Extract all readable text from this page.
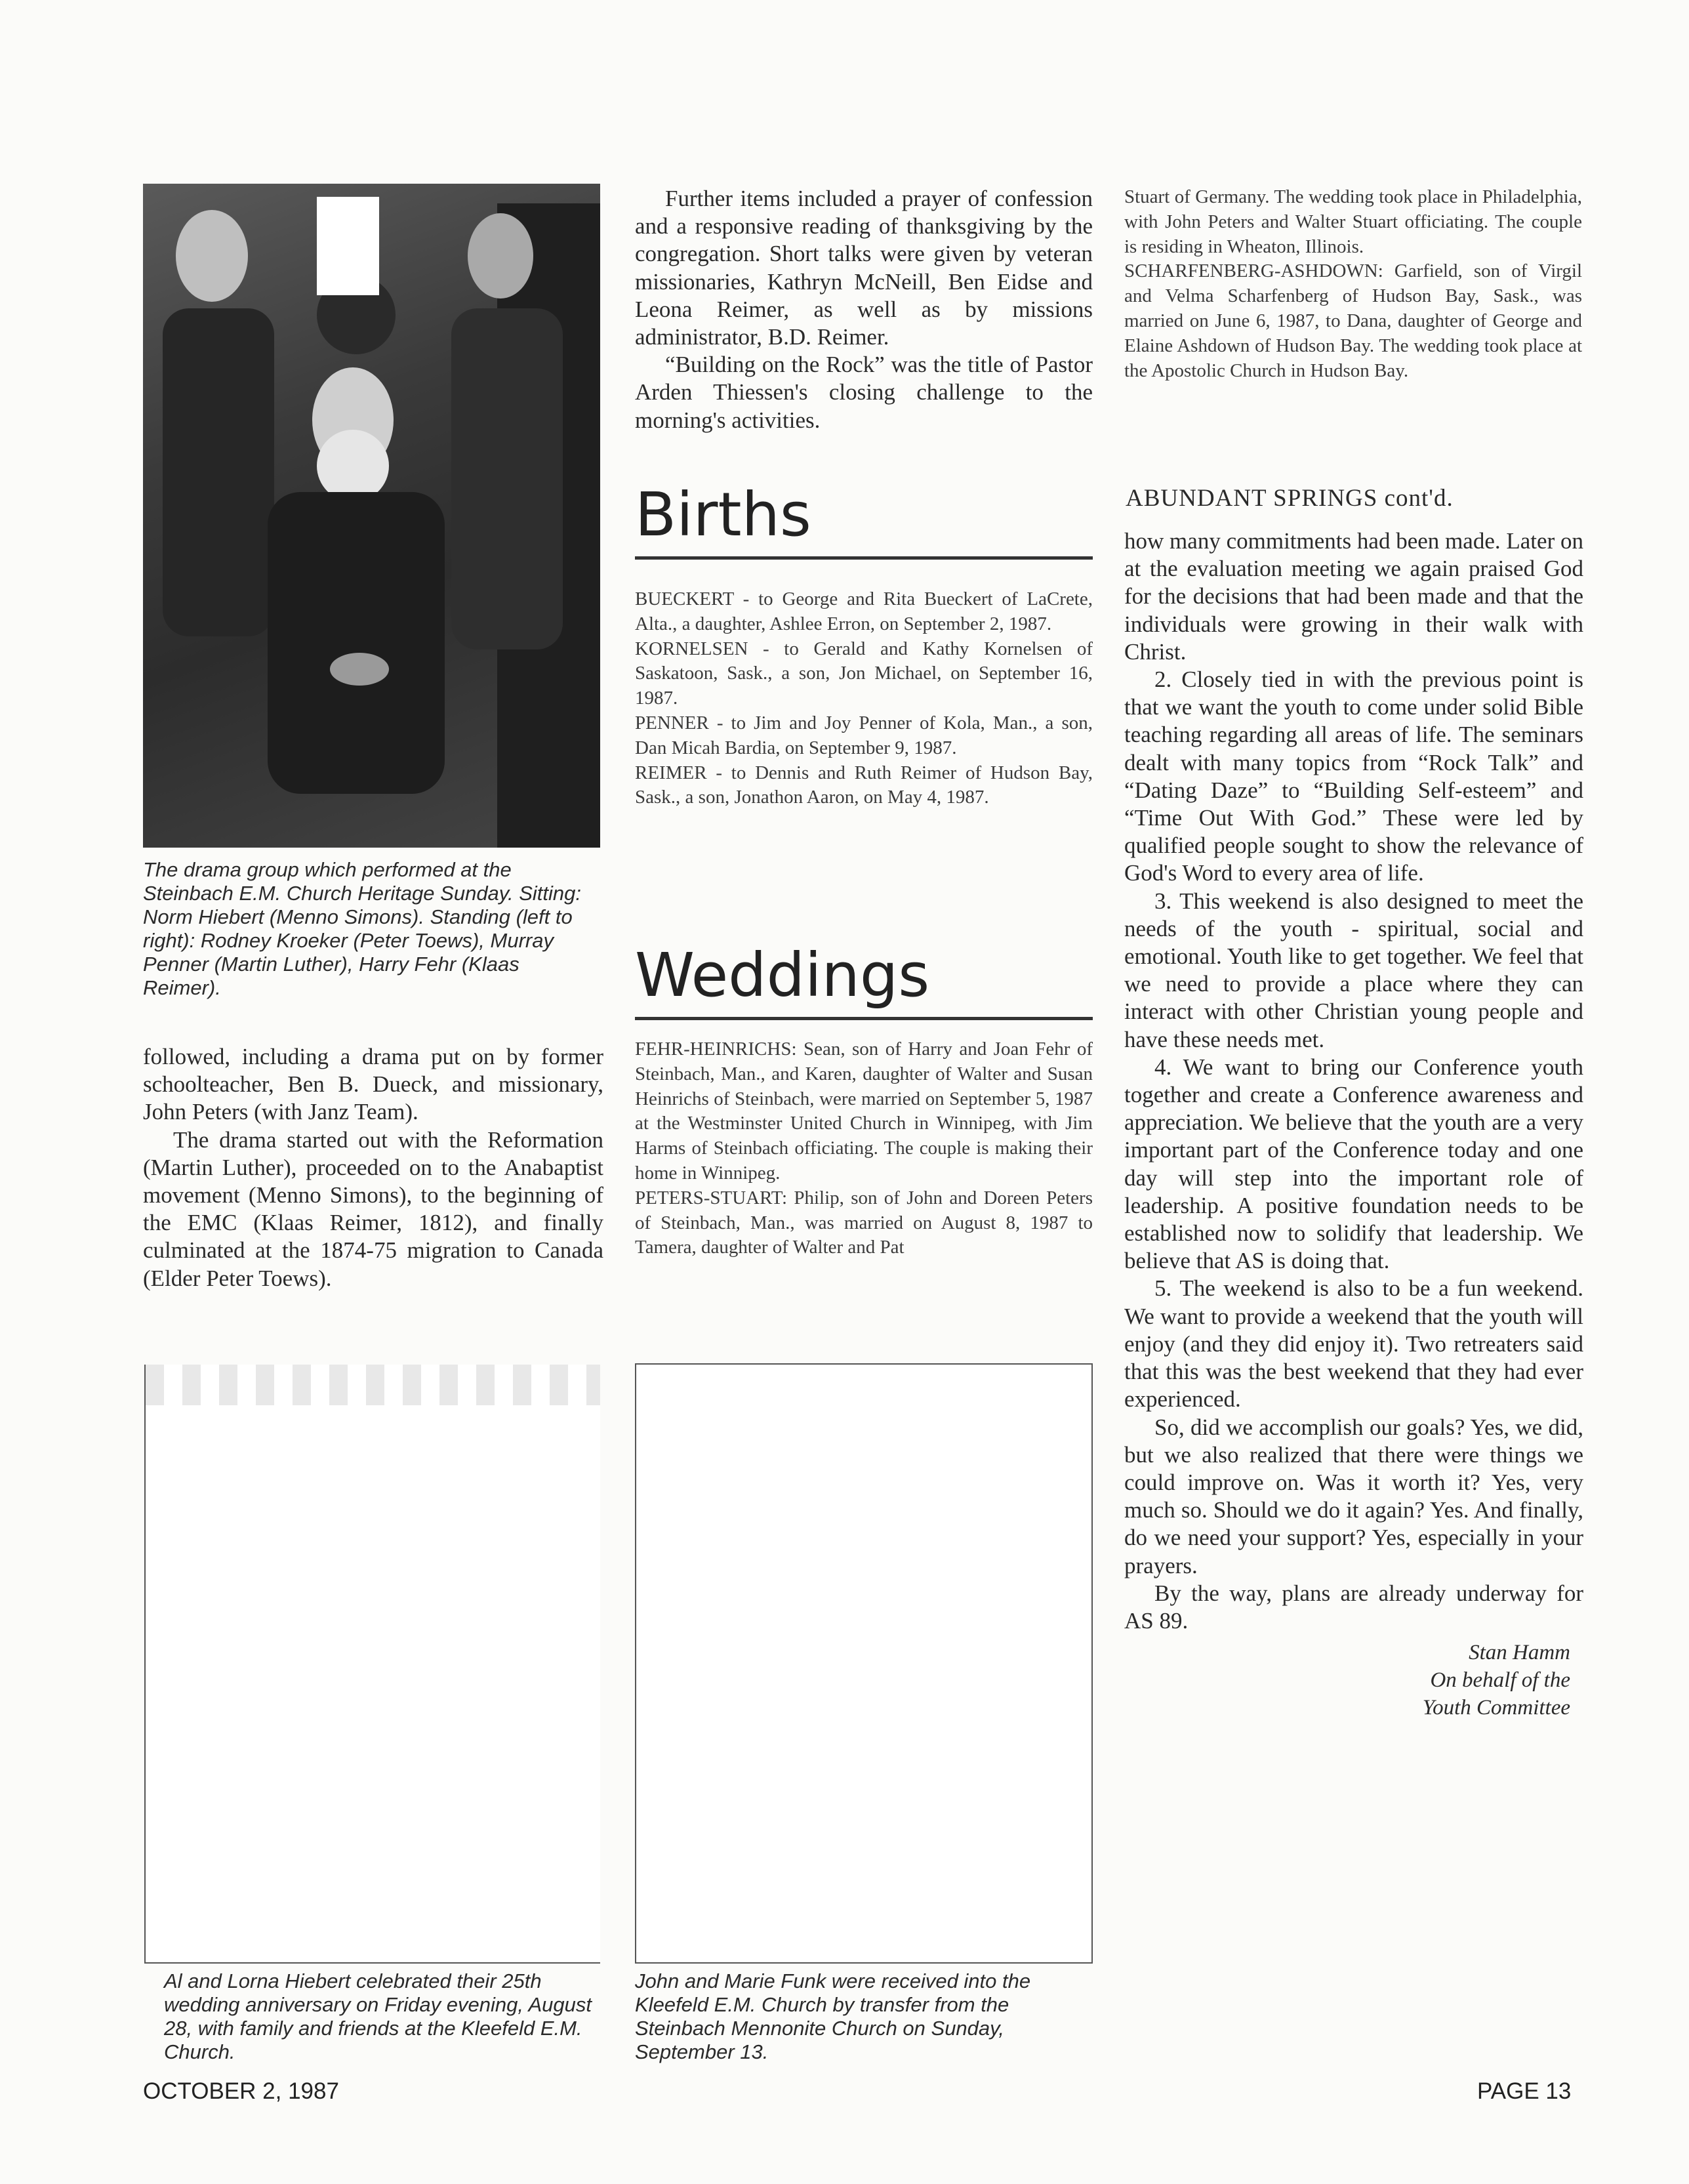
The drama group which performed at the Steinbach E.M. Church Heritage Sunday. Sitting: Norm Hiebert (Menno Simons). Standing (left to right): Rodney Kroeker (Peter Toews), Murray Penner (Martin Luther), Harry Fehr (Klaas Reimer).

followed, including a drama put on by former schoolteacher, Ben B. Dueck, and missionary, John Peters (with Janz Team).

The drama started out with the Reformation (Martin Luther), proceeded on to the Anabaptist movement (Menno Simons), to the beginning of the EMC (Klaas Reimer, 1812), and finally culminated at the 1874-75 migration to Canada (Elder Peter Toews).

Al and Lorna Hiebert celebrated their 25th wedding anniversary on Friday evening, August 28, with family and friends at the Kleefeld E.M. Church.
OCTOBER 2, 1987

Further items included a prayer of confession and a responsive reading of thanksgiving by the congregation. Short talks were given by veteran missionaries, Kathryn McNeill, Ben Eidse and Leona Reimer, as well as by missions administrator, B.D. Reimer.

“Building on the Rock” was the title of Pastor Arden Thiessen's closing challenge to the morning's activities.

Births

BUECKERT - to George and Rita Bueckert of LaCrete, Alta., a daughter, Ashlee Erron, on September 2, 1987.

KORNELSEN - to Gerald and Kathy Kornelsen of Saskatoon, Sask., a son, Jon Michael, on September 16, 1987.

PENNER - to Jim and Joy Penner of Kola, Man., a son, Dan Micah Bardia, on September 9, 1987.

REIMER - to Dennis and Ruth Reimer of Hudson Bay, Sask., a son, Jonathon Aaron, on May 4, 1987.

Weddings

FEHR-HEINRICHS: Sean, son of Harry and Joan Fehr of Steinbach, Man., and Karen, daughter of Walter and Susan Heinrichs of Steinbach, were married on September 5, 1987 at the Westminster United Church in Winnipeg, with Jim Harms of Steinbach officiating. The couple is making their home in Winnipeg.

PETERS-STUART: Philip, son of John and Doreen Peters of Steinbach, Man., was married on August 8, 1987 to Tamera, daughter of Walter and Pat

John and Marie Funk were received into the Kleefeld E.M. Church by transfer from the Steinbach Mennonite Church on Sunday, September 13.

Stuart of Germany. The wedding took place in Philadelphia, with John Peters and Walter Stuart officiating. The couple is residing in Wheaton, Illinois.

SCHARFENBERG-ASHDOWN: Garfield, son of Virgil and Velma Scharfenberg of Hudson Bay, Sask., was married on June 6, 1987, to Dana, daughter of George and Elaine Ashdown of Hudson Bay. The wedding took place at the Apostolic Church in Hudson Bay.

ABUNDANT SPRINGS cont'd.

how many commitments had been made. Later on at the evaluation meeting we again praised God for the decisions that had been made and that the individuals were growing in their walk with Christ.

2. Closely tied in with the previous point is that we want the youth to come under solid Bible teaching regarding all areas of life. The seminars dealt with many topics from “Rock Talk” and “Dating Daze” to “Building Self-esteem” and “Time Out With God.” These were led by qualified people sought to show the relevance of God's Word to every area of life.

3. This weekend is also designed to meet the needs of the youth - spiritual, social and emotional. Youth like to get together. We feel that we need to provide a place where they can interact with other Christian young people and have these needs met.

4. We want to bring our Conference youth together and create a Conference awareness and appreciation. We believe that the youth are a very important part of the Conference today and one day will step into the important role of leadership. A positive foundation needs to be established now to solidify that leadership. We believe that AS is doing that.

5. The weekend is also to be a fun weekend. We want to provide a weekend that the youth will enjoy (and they did enjoy it). Two retreaters said that this was the best weekend that they had ever experienced.

So, did we accomplish our goals? Yes, we did, but we also realized that there were things we could improve on. Was it worth it? Yes, very much so. Should we do it again? Yes. And finally, do we need your support? Yes, especially in your prayers.

By the way, plans are already underway for AS 89.

Stan Hamm
On behalf of the
Youth Committee
PAGE 13
